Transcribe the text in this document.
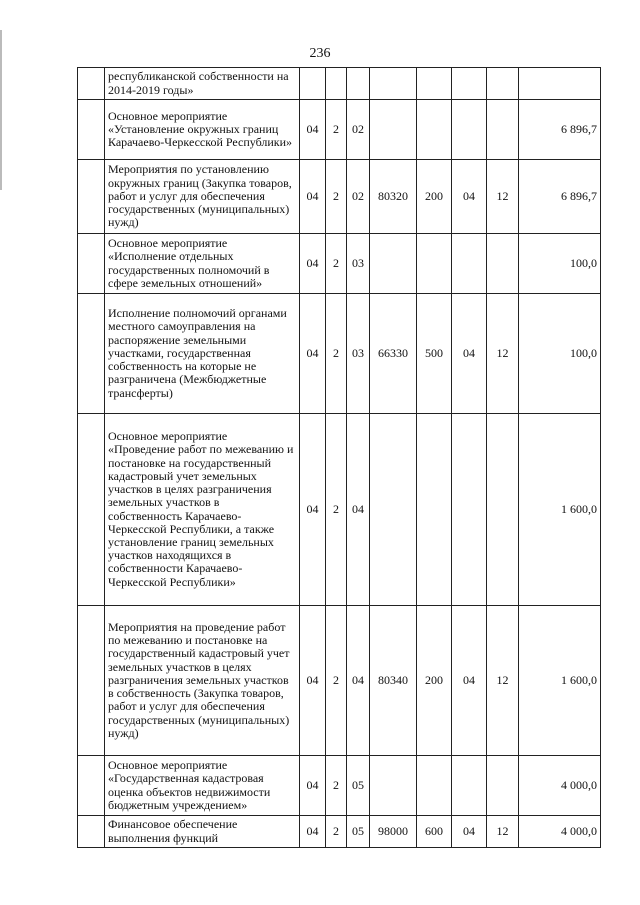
236
	республиканской собственности на 2014-2019 годы»								
	Основное мероприятие «Установление окружных границ Карачаево-Черкесской Республики»	04	2	02					6 896,7
	Мероприятия по установлению окружных границ (Закупка товаров, работ и услуг для обеспечения государственных (муниципальных) нужд)	04	2	02	80320	200	04	12	6 896,7
	Основное мероприятие «Исполнение отдельных государственных полномочий в сфере земельных отношений»	04	2	03					100,0
	Исполнение полномочий органами местного самоуправления на распоряжение земельными участками, государственная собственность на которые не разграничена (Межбюджетные трансферты)	04	2	03	66330	500	04	12	100,0
	Основное мероприятие «Проведение работ по межеванию и постановке на государственный кадастровый учет земельных участков в целях разграничения земельных участков в собственность Карачаево-Черкесской Республики, а также установление границ земельных участков находящихся в собственности Карачаево-Черкесской Республики»	04	2	04					1 600,0
	Мероприятия на проведение работ по межеванию и постановке на государственный кадастровый учет земельных участков в целях разграничения земельных участков в собственность (Закупка товаров, работ и услуг для обеспечения государственных (муниципальных) нужд)	04	2	04	80340	200	04	12	1 600,0
	Основное мероприятие «Государственная кадастровая оценка объектов недвижимости бюджетным учреждением»	04	2	05					4 000,0
	Финансовое обеспечение выполнения функций	04	2	05	98000	600	04	12	4 000,0
